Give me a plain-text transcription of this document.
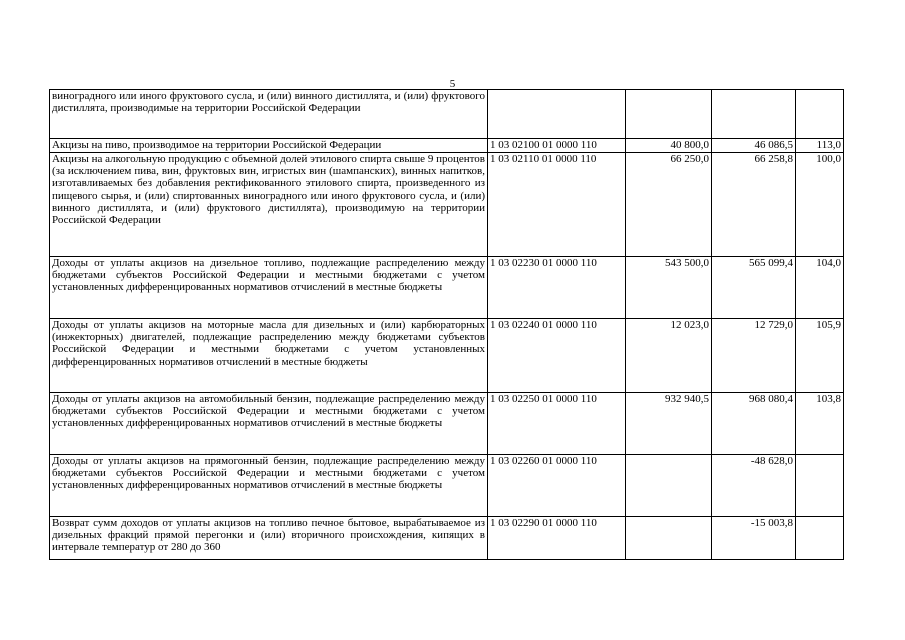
5
виноградного или иного фруктового сусла, и (или) винного дистиллята, и (или) фруктового дистиллята, производимые на территории Российской Федерации				
Акцизы на пиво, производимое на территории Российской Федерации	1 03 02100 01 0000 110	40 800,0	46 086,5	113,0
Акцизы на алкогольную продукцию с объемной долей этилового спирта свыше 9 процентов (за исключением пива, вин, фруктовых вин, игристых вин (шампанских), винных напитков, изготавливаемых без добавления ректификованного этилового спирта, произведенного из пищевого сырья, и (или) спиртованных виноградного или иного фруктового сусла, и (или) винного дистиллята, и (или) фруктового дистиллята), производимую на территории Российской Федерации	1 03 02110 01 0000 110	66 250,0	66 258,8	100,0
Доходы от уплаты акцизов на дизельное топливо, подлежащие распределению между бюджетами субъектов Российской Федерации и местными бюджетами с учетом установленных дифференцированных нормативов отчислений в местные бюджеты	1 03 02230 01 0000 110	543 500,0	565 099,4	104,0
Доходы от уплаты акцизов на моторные масла для дизельных и (или) карбюраторных (инжекторных) двигателей, подлежащие распределению между бюджетами субъектов Российской Федерации и местными бюджетами с учетом установленных дифференцированных нормативов отчислений в местные бюджеты	1 03 02240 01 0000 110	12 023,0	12 729,0	105,9
Доходы от уплаты акцизов на автомобильный бензин, подлежащие распределению между бюджетами субъектов Российской Федерации и местными бюджетами с учетом установленных дифференцированных нормативов отчислений в местные бюджеты	1 03 02250 01 0000 110	932 940,5	968 080,4	103,8
Доходы от уплаты акцизов на прямогонный бензин, подлежащие распределению между бюджетами субъектов Российской Федерации и местными бюджетами с учетом установленных дифференцированных нормативов отчислений в местные бюджеты	1 03 02260 01 0000 110		-48 628,0	
Возврат сумм доходов от уплаты акцизов на топливо печное бытовое, вырабатываемое из дизельных фракций прямой перегонки и (или) вторичного происхождения, кипящих в интервале температур от 280 до 360	1 03 02290 01 0000 110		-15 003,8	
